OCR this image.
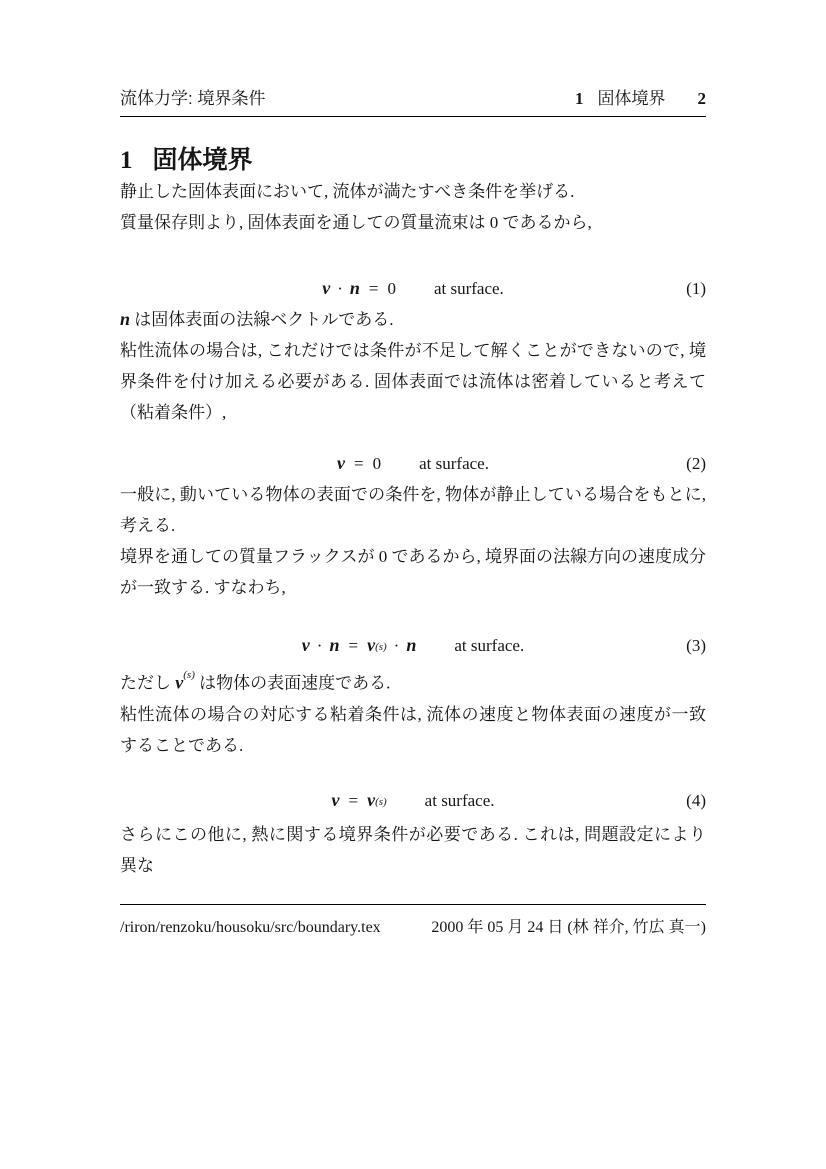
流体力学: 境界条件	1 固体境界 2
1 固体境界

静止した固体表面において, 流体が満たすべき条件を挙げる.

質量保存則より, 固体表面を通しての質量流束は 0 であるから,

v · n = 0 at surface.	(1)

n は固体表面の法線ベクトルである.

粘性流体の場合は, これだけでは条件が不足して解くことができないので, 境界条件を付け加える必要がある. 固体表面では流体は密着していると考えて（粘着条件）,

v = 0 at surface.	(2)

一般に, 動いている物体の表面での条件を, 物体が静止している場合をもとに, 考える.

境界を通しての質量フラックスが 0 であるから, 境界面の法線方向の速度成分が一致する. すなわち,

$v \cdot n = v^{(s)} \cdot n$ at surface.	(3)

ただし $v^{(s)}$ は物体の表面速度である.

粘性流体の場合の対応する粘着条件は, 流体の速度と物体表面の速度が一致することである.

$v = v^{(s)}$ at surface.	(4)

さらにこの他に, 熱に関する境界条件が必要である. これは, 問題設定により異な

/riron/renzoku/housoku/src/boundary.tex	2000 年 05 月 24 日 (林 祥介, 竹広 真一)
